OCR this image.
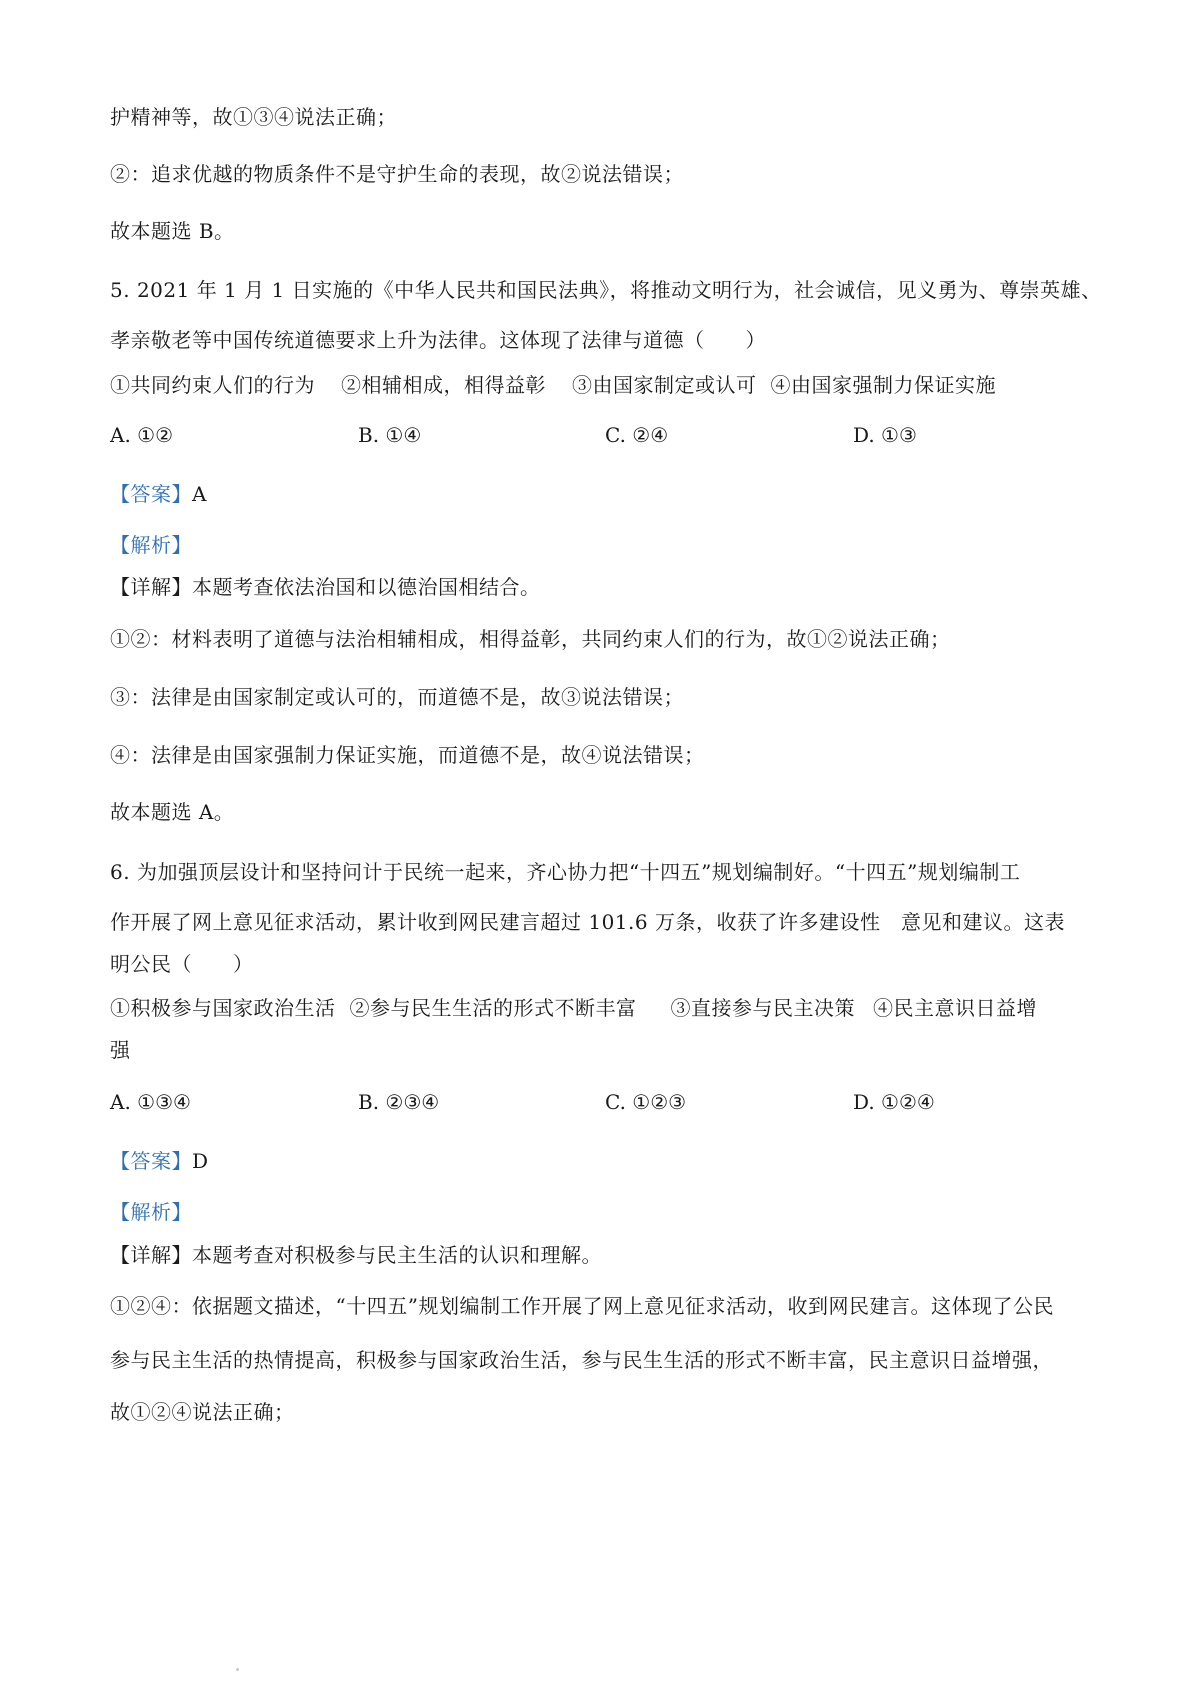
护精神等，故①③④说法正确；
②：追求优越的物质条件不是守护生命的表现，故②说法错误；
故本题选 B。
5. 2021 年 1 月 1 日实施的《中华人民共和国民法典》，将推动文明行为，社会诚信，见义勇为、尊崇英雄、
孝亲敬老等中国传统道德要求上升为法律。这体现了法律与道德（　　）
①共同约束人们的行为 ②相辅相成，相得益彰 ③由国家制定或认可 ④由国家强制力保证实施
A. ①②	B. ①④	C. ②④	D. ①③
【答案】A
【解析】
【详解】本题考查依法治国和以德治国相结合。
①②：材料表明了道德与法治相辅相成，相得益彰，共同约束人们的行为，故①②说法正确；
③：法律是由国家制定或认可的，而道德不是，故③说法错误；
④：法律是由国家强制力保证实施，而道德不是，故④说法错误；
故本题选 A。
6. 为加强顶层设计和坚持问计于民统一起来，齐心协力把“十四五”规划编制好。“十四五”规划编制工
作开展了网上意见征求活动，累计收到网民建言超过 101.6 万条，收获了许多建设性　意见和建议。这表
明公民（　　）
①积极参与国家政治生活 ②参与民生生活的形式不断丰富 ③直接参与民主决策 ④民主意识日益增
强
A. ①③④	B. ②③④	C. ①②③	D. ①②④
【答案】D
【解析】
【详解】本题考查对积极参与民主生活的认识和理解。
①②④：依据题文描述，“十四五”规划编制工作开展了网上意见征求活动，收到网民建言。这体现了公民
参与民主生活的热情提高，积极参与国家政治生活，参与民生生活的形式不断丰富，民主意识日益增强，
故①②④说法正确；
